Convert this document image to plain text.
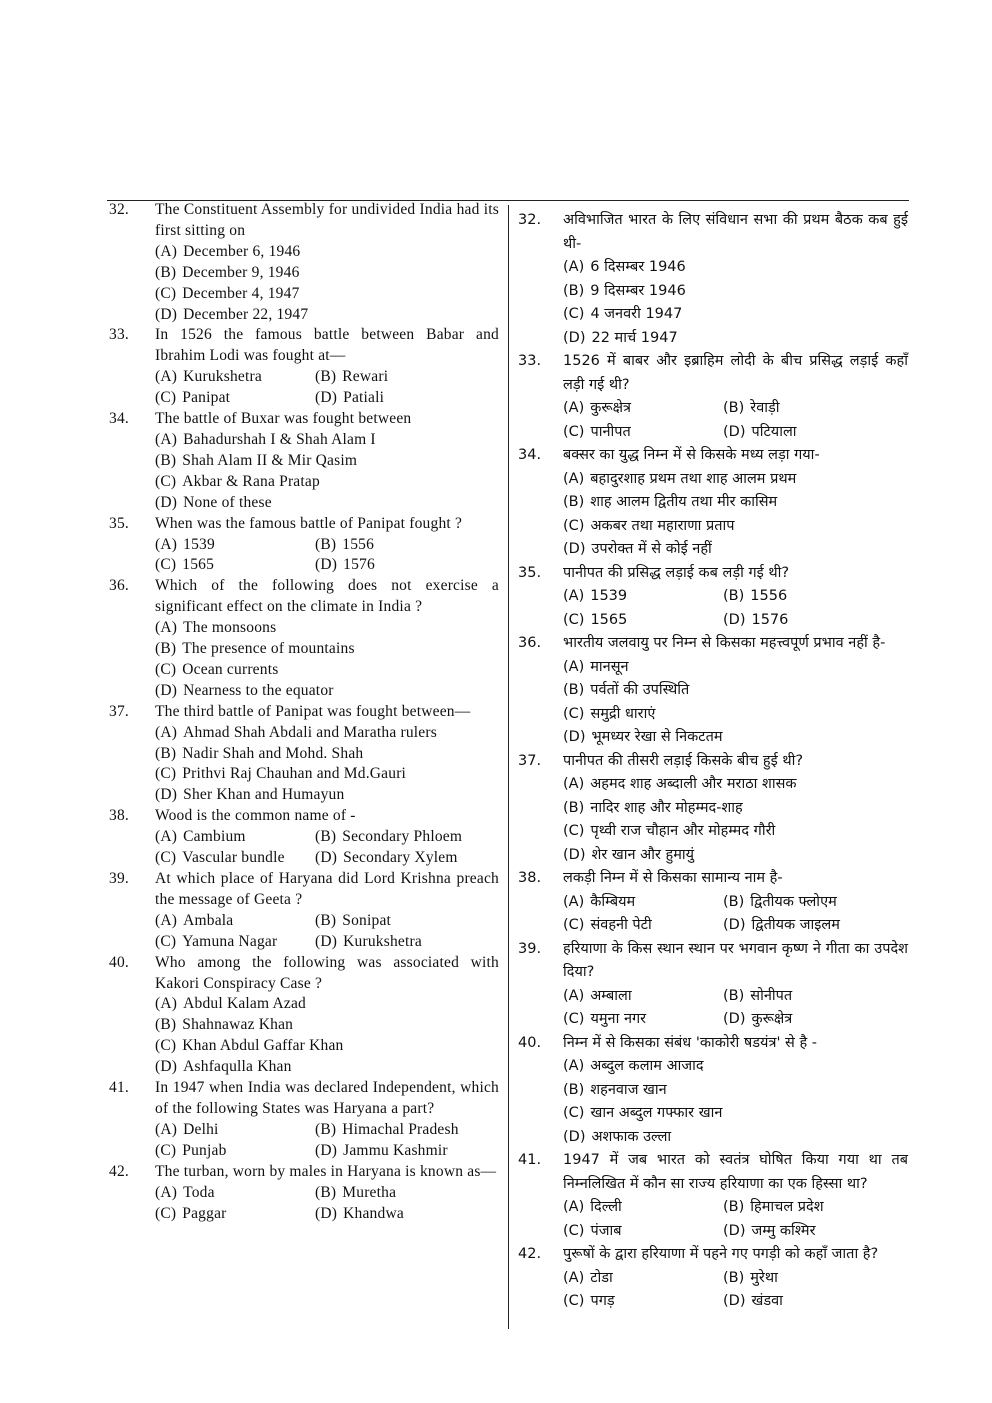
32. The Constituent Assembly for undivided India had its first sitting on
(A) December 6, 1946
(B) December 9, 1946
(C) December 4, 1947
(D) December 22, 1947
33. In 1526 the famous battle between Babar and Ibrahim Lodi was fought at—
(A) Kurukshetra	(B) Rewari
(C) Panipat	(D) Patiali
34. The battle of Buxar was fought between
(A) Bahadurshah I & Shah Alam I
(B) Shah Alam II & Mir Qasim
(C) Akbar & Rana Pratap
(D) None of these
35. When was the famous battle of Panipat fought ?
(A) 1539	(B) 1556
(C) 1565	(D) 1576
36. Which of the following does not exercise a significant effect on the climate in India ?
(A) The monsoons
(B) The presence of mountains
(C) Ocean currents
(D) Nearness to the equator
37. The third battle of Panipat was fought between—
(A) Ahmad Shah Abdali and Maratha rulers
(B) Nadir Shah and Mohd. Shah
(C) Prithvi Raj Chauhan and Md.Gauri
(D) Sher Khan and Humayun
38. Wood is the common name of -
(A) Cambium	(B) Secondary Phloem
(C) Vascular bundle	(D) Secondary Xylem
39. At which place of Haryana did Lord Krishna preach the message of Geeta ?
(A) Ambala	(B) Sonipat
(C) Yamuna Nagar	(D) Kurukshetra
40. Who among the following was associated with Kakori Conspiracy Case ?
(A) Abdul Kalam Azad
(B) Shahnawaz Khan
(C) Khan Abdul Gaffar Khan
(D) Ashfaqulla Khan
41. In 1947 when India was declared Independent, which of the following States was Haryana a part?
(A) Delhi	(B) Himachal Pradesh
(C) Punjab	(D) Jammu Kashmir
42. The turban, worn by males in Haryana is known as—
(A) Toda	(B) Muretha
(C) Paggar	(D) Khandwa
32. अविभाजित भारत के लिए संविधान सभा की प्रथम बैठक कब हुई थी-
(A) 6 दिसम्बर 1946
(B) 9 दिसम्बर 1946
(C) 4 जनवरी 1947
(D) 22 मार्च 1947
33. 1526 में बाबर और इब्राहिम लोदी के बीच प्रसिद्ध लड़ाई कहाँ लड़ी गई थी?
(A) कुरूक्षेत्र	(B) रेवाड़ी
(C) पानीपत	(D) पटियाला
34. बक्सर का युद्ध निम्न में से किसके मध्य लड़ा गया-
(A) बहादुरशाह प्रथम तथा शाह आलम प्रथम
(B) शाह आलम द्वितीय तथा मीर कासिम
(C) अकबर तथा महाराणा प्रताप
(D) उपरोक्त में से कोई नहीं
35. पानीपत की प्रसिद्ध लड़ाई कब लड़ी गई थी?
(A) 1539	(B) 1556
(C) 1565	(D) 1576
36. भारतीय जलवायु पर निम्न से किसका महत्त्वपूर्ण प्रभाव नहीं है-
(A) मानसून
(B) पर्वतों की उपस्थिति
(C) समुद्री धाराएं
(D) भूमध्यर रेखा से निकटतम
37. पानीपत की तीसरी लड़ाई किसके बीच हुई थी?
(A) अहमद शाह अब्दाली और मराठा शासक
(B) नादिर शाह और मोहम्मद-शाह
(C) पृथ्वी राज चौहान और मोहम्मद गौरी
(D) शेर खान और हुमायुं
38. लकड़ी निम्न में से किसका सामान्य नाम है-
(A) कैम्बियम	(B) द्वितीयक फ्लोएम
(C) संवहनी पेटी	(D) द्वितीयक जाइलम
39. हरियाणा के किस स्थान स्थान पर भगवान कृष्ण ने गीता का उपदेश दिया?
(A) अम्बाला	(B) सोनीपत
(C) यमुना नगर	(D) कुरूक्षेत्र
40. निम्न में से किसका संबंध 'काकोरी षडयंत्र' से है -
(A) अब्दुल कलाम आजाद
(B) शहनवाज खान
(C) खान अब्दुल गफ्फार खान
(D) अशफाक उल्ला
41. 1947 में जब भारत को स्वतंत्र घोषित किया गया था तब निम्नलिखित में कौन सा राज्य हरियाणा का एक हिस्सा था?
(A) दिल्ली	(B) हिमाचल प्रदेश
(C) पंजाब	(D) जम्मु कश्मिर
42. पुरूषों के द्वारा हरियाणा में पहने गए पगड़ी को कहाँ जाता है?
(A) टोडा	(B) मुरेथा
(C) पगड़	(D) खंडवा
